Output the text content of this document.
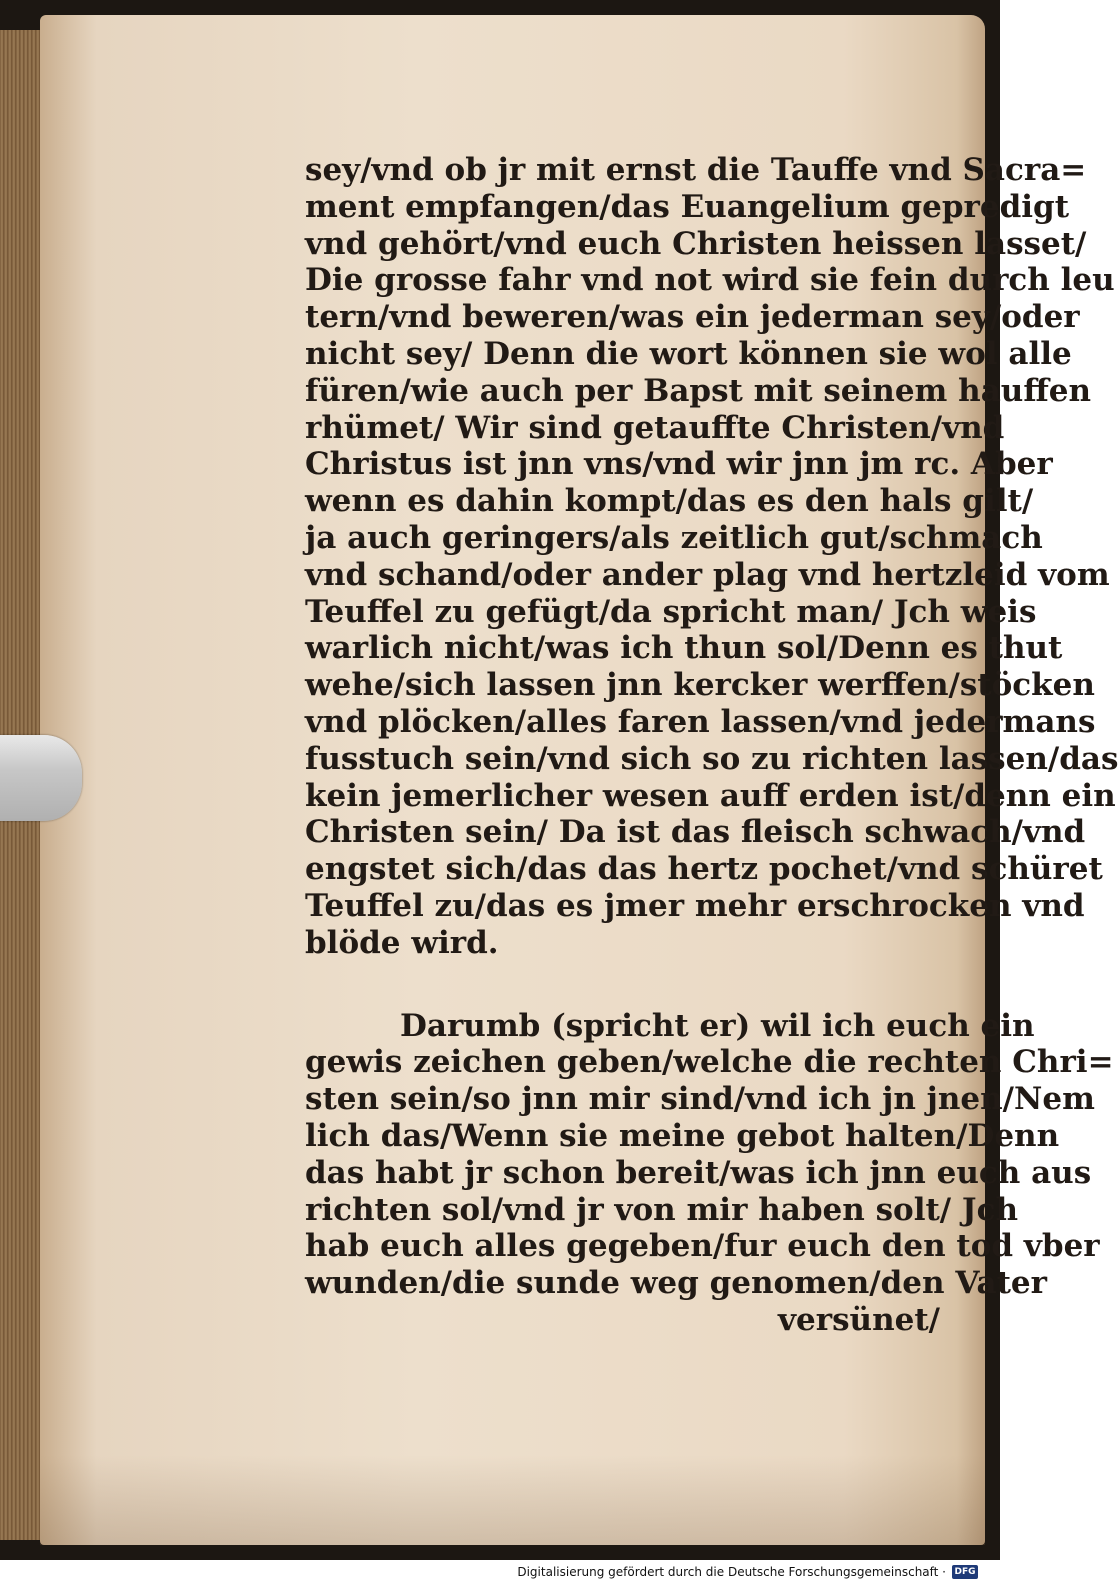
sey/vnd ob jr mit ernst die Tauffe vnd Sacra=
ment empfangen/das Euangelium gepredigt
vnd gehört/vnd euch Christen heissen lasset/
Die grosse fahr vnd not wird sie fein durch leu
tern/vnd beweren/was ein jederman sey/oder
nicht sey/ Denn die wort können sie wol alle
füren/wie auch per Bapst mit seinem hauffen
rhümet/ Wir sind getauffte Christen/vnd
Christus ist jnn vns/vnd wir jnn jm rc. Aber
wenn es dahin kompt/das es den hals gilt/
ja auch geringers/als zeitlich gut/schmach
vnd schand/oder ander plag vnd hertzleid vom
Teuffel zu gefügt/da spricht man/ Jch weis
warlich nicht/was ich thun sol/Denn es thut
wehe/sich lassen jnn kercker werffen/stöcken
vnd plöcken/alles faren lassen/vnd jedermans
fusstuch sein/vnd sich so zu richten lassen/das
kein jemerlicher wesen auff erden ist/denn ein
Christen sein/ Da ist das fleisch schwach/vnd
engstet sich/das das hertz pochet/vnd schüret
Teuffel zu/das es jmer mehr erschrocken vnd
blöde wird.
Darumb (spricht er) wil ich euch ein
gewis zeichen geben/welche die rechten Chri=
sten sein/so jnn mir sind/vnd ich jn jnen/Nem
lich das/Wenn sie meine gebot halten/Denn
das habt jr schon bereit/was ich jnn euch aus
richten sol/vnd jr von mir haben solt/ Jch
hab euch alles gegeben/fur euch den tod vber
wunden/die sunde weg genomen/den Vater
versünet/
Digitalisierung gefördert durch die Deutsche Forschungsgemeinschaft · DFG
